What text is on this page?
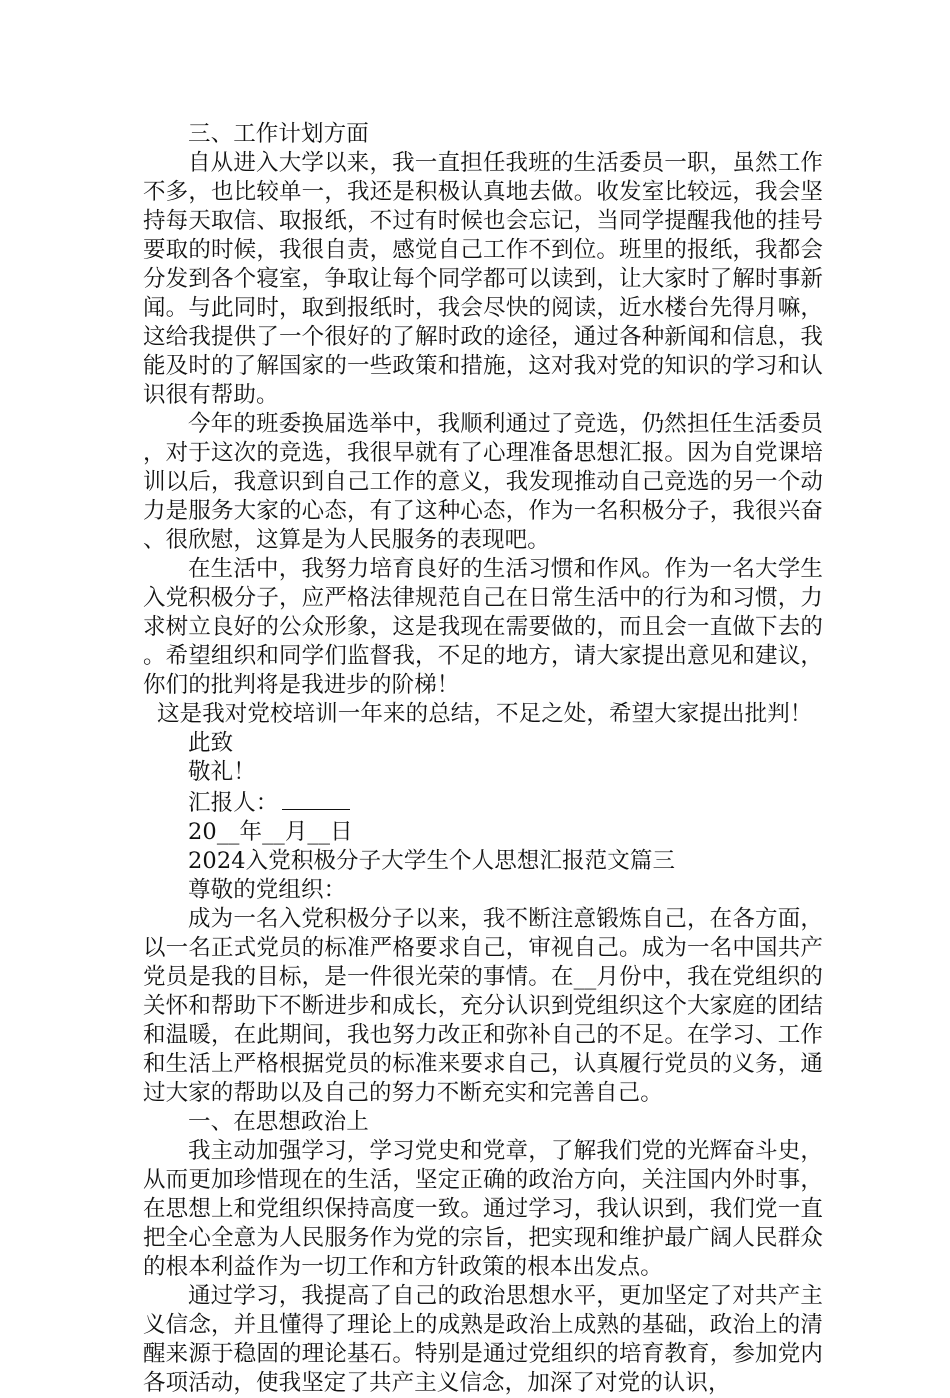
三、工作计划方面

自从进入大学以来，我一直担任我班的生活委员一职，虽然工作不多，也比较单一，我还是积极认真地去做。收发室比较远，我会坚持每天取信、取报纸，不过有时候也会忘记，当同学提醒我他的挂号要取的时候，我很自责，感觉自己工作不到位。班里的报纸，我都会分发到各个寝室，争取让每个同学都可以读到，让大家时了解时事新闻。与此同时，取到报纸时，我会尽快的阅读，近水楼台先得月嘛，这给我提供了一个很好的了解时政的途径，通过各种新闻和信息，我能及时的了解国家的一些政策和措施，这对我对党的知识的学习和认识很有帮助。

今年的班委换届选举中，我顺利通过了竞选，仍然担任生活委员，对于这次的竞选，我很早就有了心理准备思想汇报。因为自党课培训以后，我意识到自己工作的意义，我发现推动自己竞选的另一个动力是服务大家的心态，有了这种心态，作为一名积极分子，我很兴奋、很欣慰，这算是为人民服务的表现吧。

在生活中，我努力培育良好的生活习惯和作风。作为一名大学生入党积极分子，应严格法律规范自己在日常生活中的行为和习惯，力求树立良好的公众形象，这是我现在需要做的，而且会一直做下去的。希望组织和同学们监督我，不足的地方，请大家提出意见和建议，你们的批判将是我进步的阶梯！

这是我对党校培训一年来的总结，不足之处，希望大家提出批判！

此致

敬礼！

汇报人：

20__年__月__日

2024入党积极分子大学生个人思想汇报范文篇三

尊敬的党组织：

成为一名入党积极分子以来，我不断注意锻炼自己，在各方面，以一名正式党员的标准严格要求自己，审视自己。成为一名中国共产党员是我的目标，是一件很光荣的事情。在__月份中，我在党组织的关怀和帮助下不断进步和成长，充分认识到党组织这个大家庭的团结和温暖，在此期间，我也努力改正和弥补自己的不足。在学习、工作和生活上严格根据党员的标准来要求自己，认真履行党员的义务，通过大家的帮助以及自己的努力不断充实和完善自己。

一、在思想政治上

我主动加强学习，学习党史和党章，了解我们党的光辉奋斗史，从而更加珍惜现在的生活，坚定正确的政治方向，关注国内外时事，在思想上和党组织保持高度一致。通过学习，我认识到，我们党一直把全心全意为人民服务作为党的宗旨，把实现和维护最广阔人民群众的根本利益作为一切工作和方针政策的根本出发点。

通过学习，我提高了自己的政治思想水平，更加坚定了对共产主义信念，并且懂得了理论上的成熟是政治上成熟的基础，政治上的清醒来源于稳固的理论基石。特别是通过党组织的培育教育，参加党内各项活动，使我坚定了共产主义信念，加深了对党的认识，
